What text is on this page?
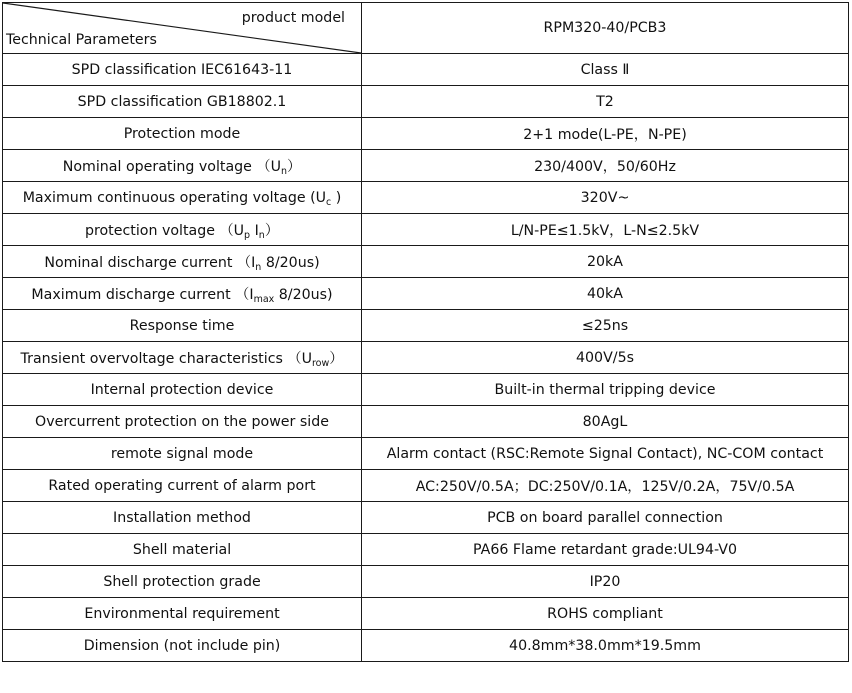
product model
Technical Parameters	RPM320-40/PCB3
SPD classification IEC61643-11	Class Ⅱ
SPD classification GB18802.1	T2
Protection mode	2+1 mode(L-PE，N-PE)
Nominal operating voltage $(U_n)$	230/400V，50/60Hz
Maximum continuous operating voltage ($U_c$ )	320V~
protection voltage （$U_p$ $I_n$）	L/N-PE≤1.5kV，L-N≤2.5kV
Nominal discharge current （$I_n$ 8/20us)	20kA
Maximum discharge current （$I_{max}$ 8/20us)	40kA
Response time	≤25ns
Transient overvoltage characteristics $(U_{row})$	400V/5s
Internal protection device	Built-in thermal tripping device
Overcurrent protection on the power side	80AgL
remote signal mode	Alarm contact (RSC:Remote Signal Contact), NC-COM contact
Rated operating current of alarm port	AC:250V/0.5A；DC:250V/0.1A，125V/0.2A，75V/0.5A
Installation method	PCB on board parallel connection
Shell material	PA66 Flame retardant grade:UL94-V0
Shell protection grade	IP20
Environmental requirement	ROHS compliant
Dimension (not include pin)	40.8mm*38.0mm*19.5mm
